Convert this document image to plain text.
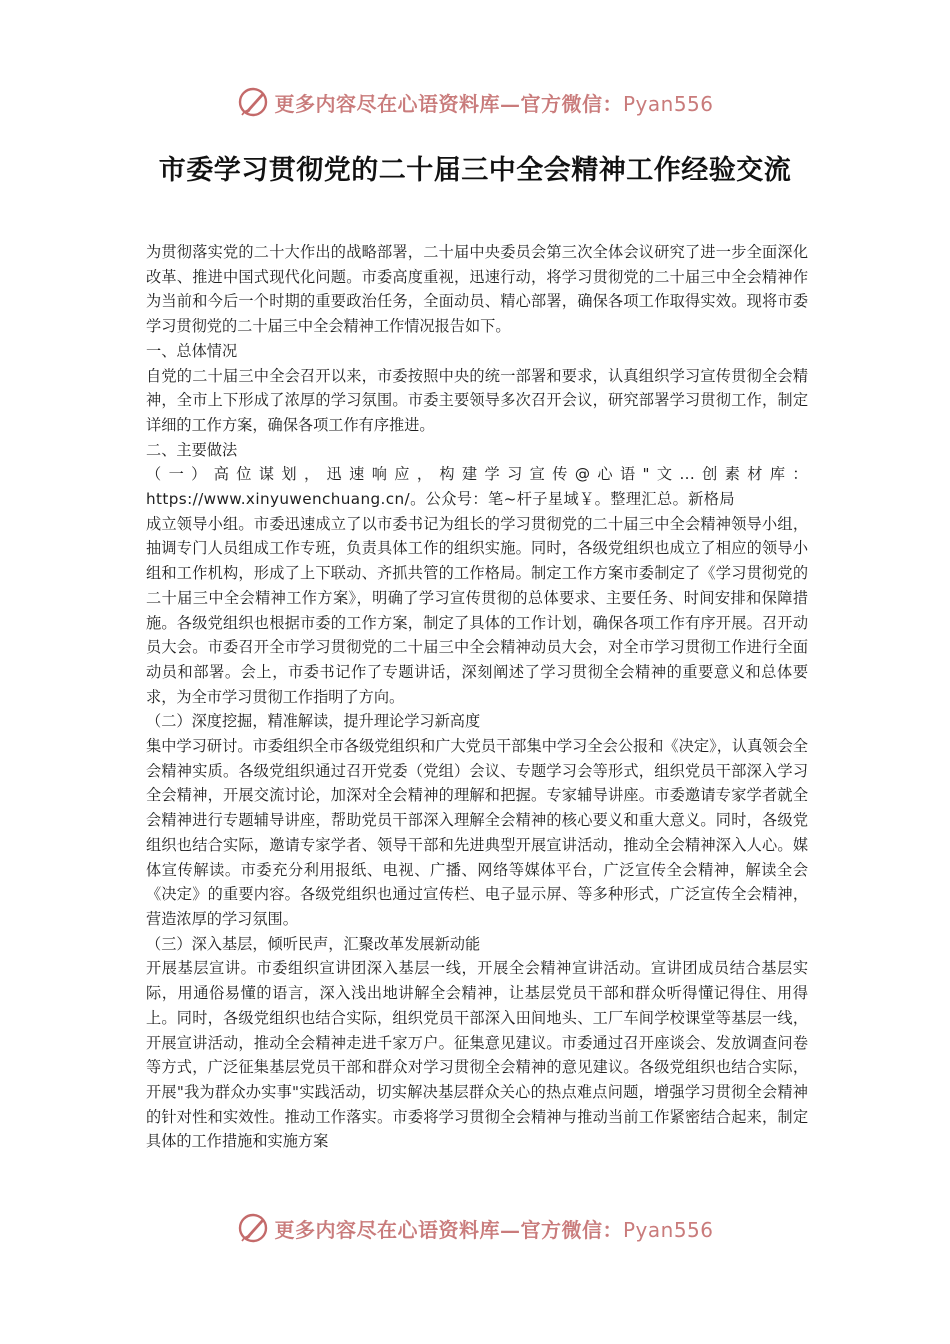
更多内容尽在心语资料库—官方微信：Pyan556
市委学习贯彻党的二十届三中全会精神工作经验交流

为贯彻落实党的二十大作出的战略部署，二十届中央委员会第三次全体会议研究了进一步全面深化改革、推进中国式现代化问题。市委高度重视，迅速行动，将学习贯彻党的二十届三中全会精神作为当前和今后一个时期的重要政治任务，全面动员、精心部署，确保各项工作取得实效。现将市委学习贯彻党的二十届三中全会精神工作情况报告如下。

一、总体情况

自党的二十届三中全会召开以来，市委按照中央的统一部署和要求，认真组织学习宣传贯彻全会精神，全市上下形成了浓厚的学习氛围。市委主要领导多次召开会议，研究部署学习贯彻工作，制定详细的工作方案，确保各项工作有序推进。

二、主要做法

（一）高位谋划，迅速响应，构建学习宣传@心语"文...创素材库：https://www.xinyuwenchuang.cn/。公众号：笔~杆子星域￥。整理汇总。新格局

成立领导小组。市委迅速成立了以市委书记为组长的学习贯彻党的二十届三中全会精神领导小组，抽调专门人员组成工作专班，负责具体工作的组织实施。同时，各级党组织也成立了相应的领导小组和工作机构，形成了上下联动、齐抓共管的工作格局。制定工作方案市委制定了《学习贯彻党的二十届三中全会精神工作方案》，明确了学习宣传贯彻的总体要求、主要任务、时间安排和保障措施。各级党组织也根据市委的工作方案，制定了具体的工作计划，确保各项工作有序开展。召开动员大会。市委召开全市学习贯彻党的二十届三中全会精神动员大会，对全市学习贯彻工作进行全面动员和部署。会上，市委书记作了专题讲话，深刻阐述了学习贯彻全会精神的重要意义和总体要求，为全市学习贯彻工作指明了方向。

（二）深度挖掘，精准解读，提升理论学习新高度

集中学习研讨。市委组织全市各级党组织和广大党员干部集中学习全会公报和《决定》，认真领会全会精神实质。各级党组织通过召开党委（党组）会议、专题学习会等形式，组织党员干部深入学习全会精神，开展交流讨论，加深对全会精神的理解和把握。专家辅导讲座。市委邀请专家学者就全会精神进行专题辅导讲座，帮助党员干部深入理解全会精神的核心要义和重大意义。同时，各级党组织也结合实际，邀请专家学者、领导干部和先进典型开展宣讲活动，推动全会精神深入人心。媒体宣传解读。市委充分利用报纸、电视、广播、网络等媒体平台，广泛宣传全会精神，解读全会《决定》的重要内容。各级党组织也通过宣传栏、电子显示屏、等多种形式，广泛宣传全会精神，营造浓厚的学习氛围。

（三）深入基层，倾听民声，汇聚改革发展新动能

开展基层宣讲。市委组织宣讲团深入基层一线，开展全会精神宣讲活动。宣讲团成员结合基层实际，用通俗易懂的语言，深入浅出地讲解全会精神，让基层党员干部和群众听得懂记得住、用得上。同时，各级党组织也结合实际，组织党员干部深入田间地头、工厂车间学校课堂等基层一线，开展宣讲活动，推动全会精神走进千家万户。征集意见建议。市委通过召开座谈会、发放调查问卷等方式，广泛征集基层党员干部和群众对学习贯彻全会精神的意见建议。各级党组织也结合实际，开展"我为群众办实事"实践活动，切实解决基层群众关心的热点难点问题，增强学习贯彻全会精神的针对性和实效性。推动工作落实。市委将学习贯彻全会精神与推动当前工作紧密结合起来，制定具体的工作措施和实施方案

更多内容尽在心语资料库—官方微信：Pyan556
